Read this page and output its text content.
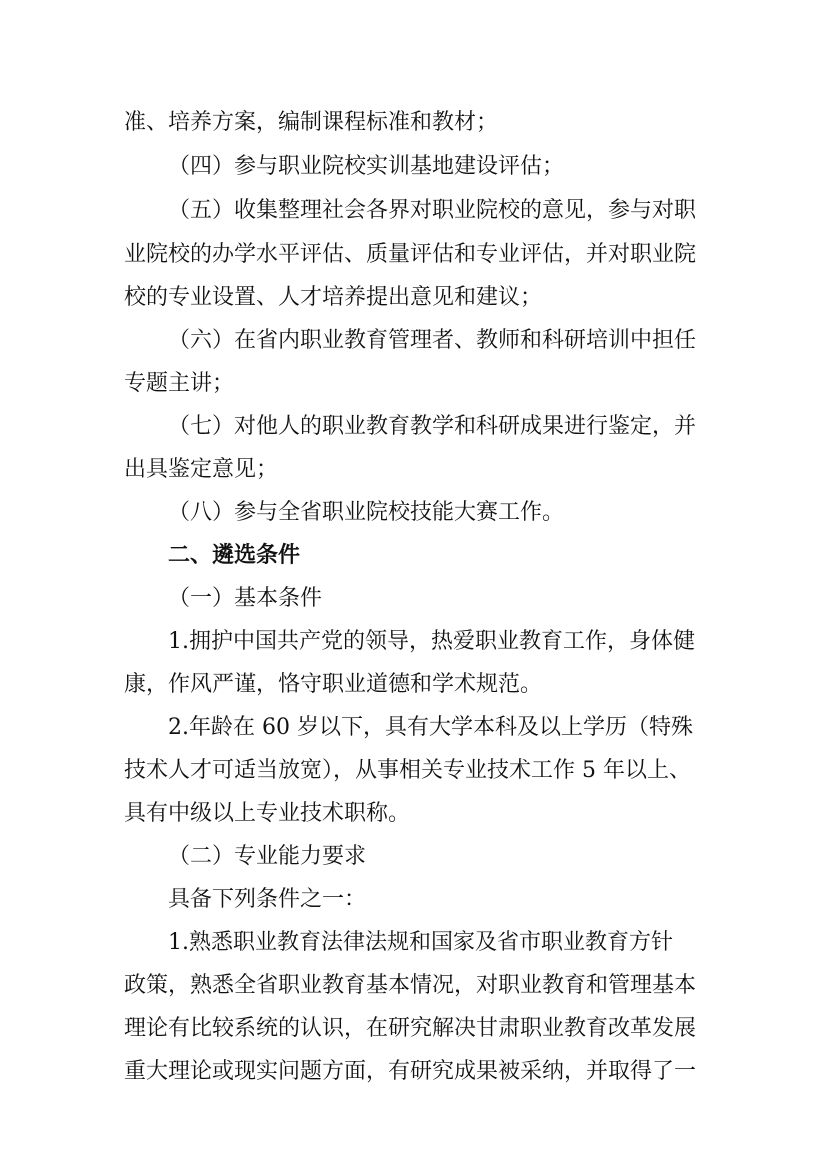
准、培养方案，编制课程标准和教材；
（四）参与职业院校实训基地建设评估；
（五）收集整理社会各界对职业院校的意见，参与对职
业院校的办学水平评估、质量评估和专业评估，并对职业院
校的专业设置、人才培养提出意见和建议；
（六）在省内职业教育管理者、教师和科研培训中担任
专题主讲；
（七）对他人的职业教育教学和科研成果进行鉴定，并
出具鉴定意见；
（八）参与全省职业院校技能大赛工作。
二、遴选条件
（一）基本条件
1.拥护中国共产党的领导，热爱职业教育工作，身体健
康，作风严谨，恪守职业道德和学术规范。
2.年龄在 60 岁以下，具有大学本科及以上学历（特殊
技术人才可适当放宽），从事相关专业技术工作 5 年以上、
具有中级以上专业技术职称。
（二）专业能力要求
具备下列条件之一：
1.熟悉职业教育法律法规和国家及省市职业教育方针
政策，熟悉全省职业教育基本情况，对职业教育和管理基本
理论有比较系统的认识，在研究解决甘肃职业教育改革发展
重大理论或现实问题方面，有研究成果被采纳，并取得了一
